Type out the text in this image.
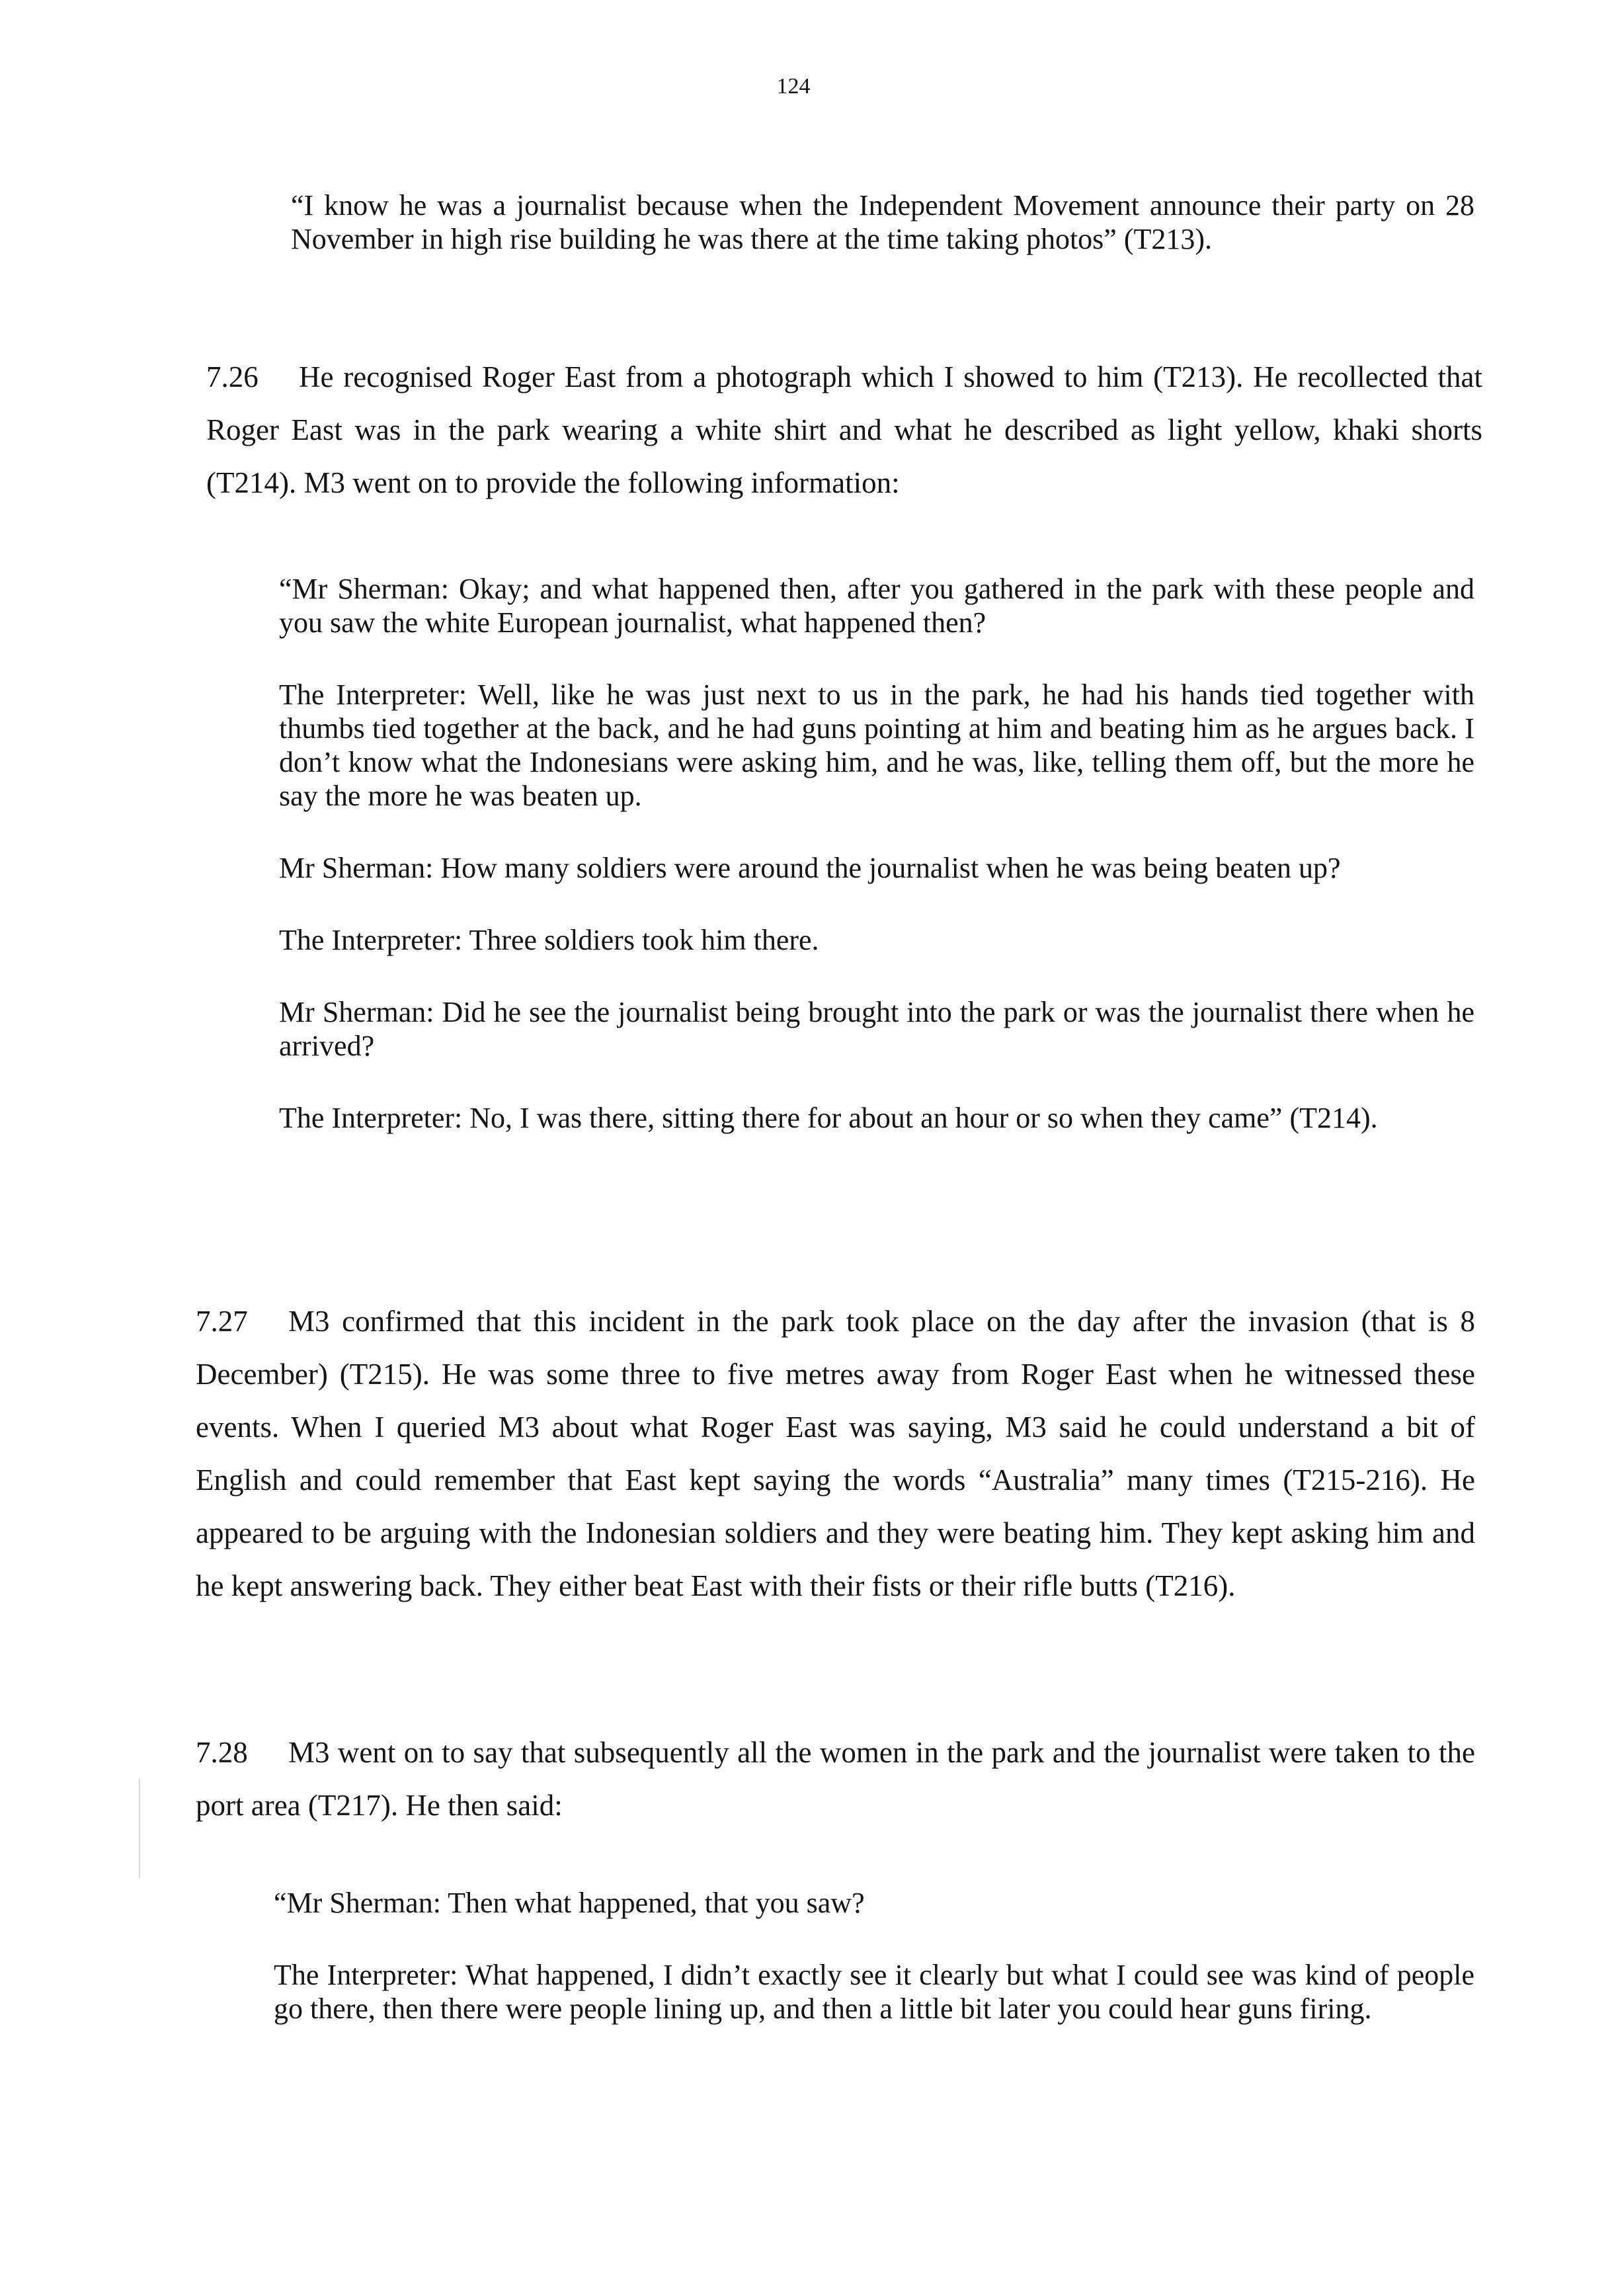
124

“I know he was a journalist because when the Independent Movement announce their party on 28 November in high rise building he was there at the time taking photos” (T213).

7.26 He recognised Roger East from a photograph which I showed to him (T213). He recollected that Roger East was in the park wearing a white shirt and what he described as light yellow, khaki shorts (T214). M3 went on to provide the following information:

“Mr Sherman: Okay; and what happened then, after you gathered in the park with these people and you saw the white European journalist, what happened then?

The Interpreter: Well, like he was just next to us in the park, he had his hands tied together with thumbs tied together at the back, and he had guns pointing at him and beating him as he argues back. I don’t know what the Indonesians were asking him, and he was, like, telling them off, but the more he say the more he was beaten up.

Mr Sherman: How many soldiers were around the journalist when he was being beaten up?

The Interpreter: Three soldiers took him there.

Mr Sherman: Did he see the journalist being brought into the park or was the journalist there when he arrived?

The Interpreter: No, I was there, sitting there for about an hour or so when they came” (T214).

7.27 M3 confirmed that this incident in the park took place on the day after the invasion (that is 8 December) (T215). He was some three to five metres away from Roger East when he witnessed these events. When I queried M3 about what Roger East was saying, M3 said he could understand a bit of English and could remember that East kept saying the words “Australia” many times (T215-216). He appeared to be arguing with the Indonesian soldiers and they were beating him. They kept asking him and he kept answering back. They either beat East with their fists or their rifle butts (T216).
7.28 M3 went on to say that subsequently all the women in the park and the journalist were taken to the port area (T217). He then said:

“Mr Sherman: Then what happened, that you saw?

The Interpreter: What happened, I didn’t exactly see it clearly but what I could see was kind of people go there, then there were people lining up, and then a little bit later you could hear guns firing.
